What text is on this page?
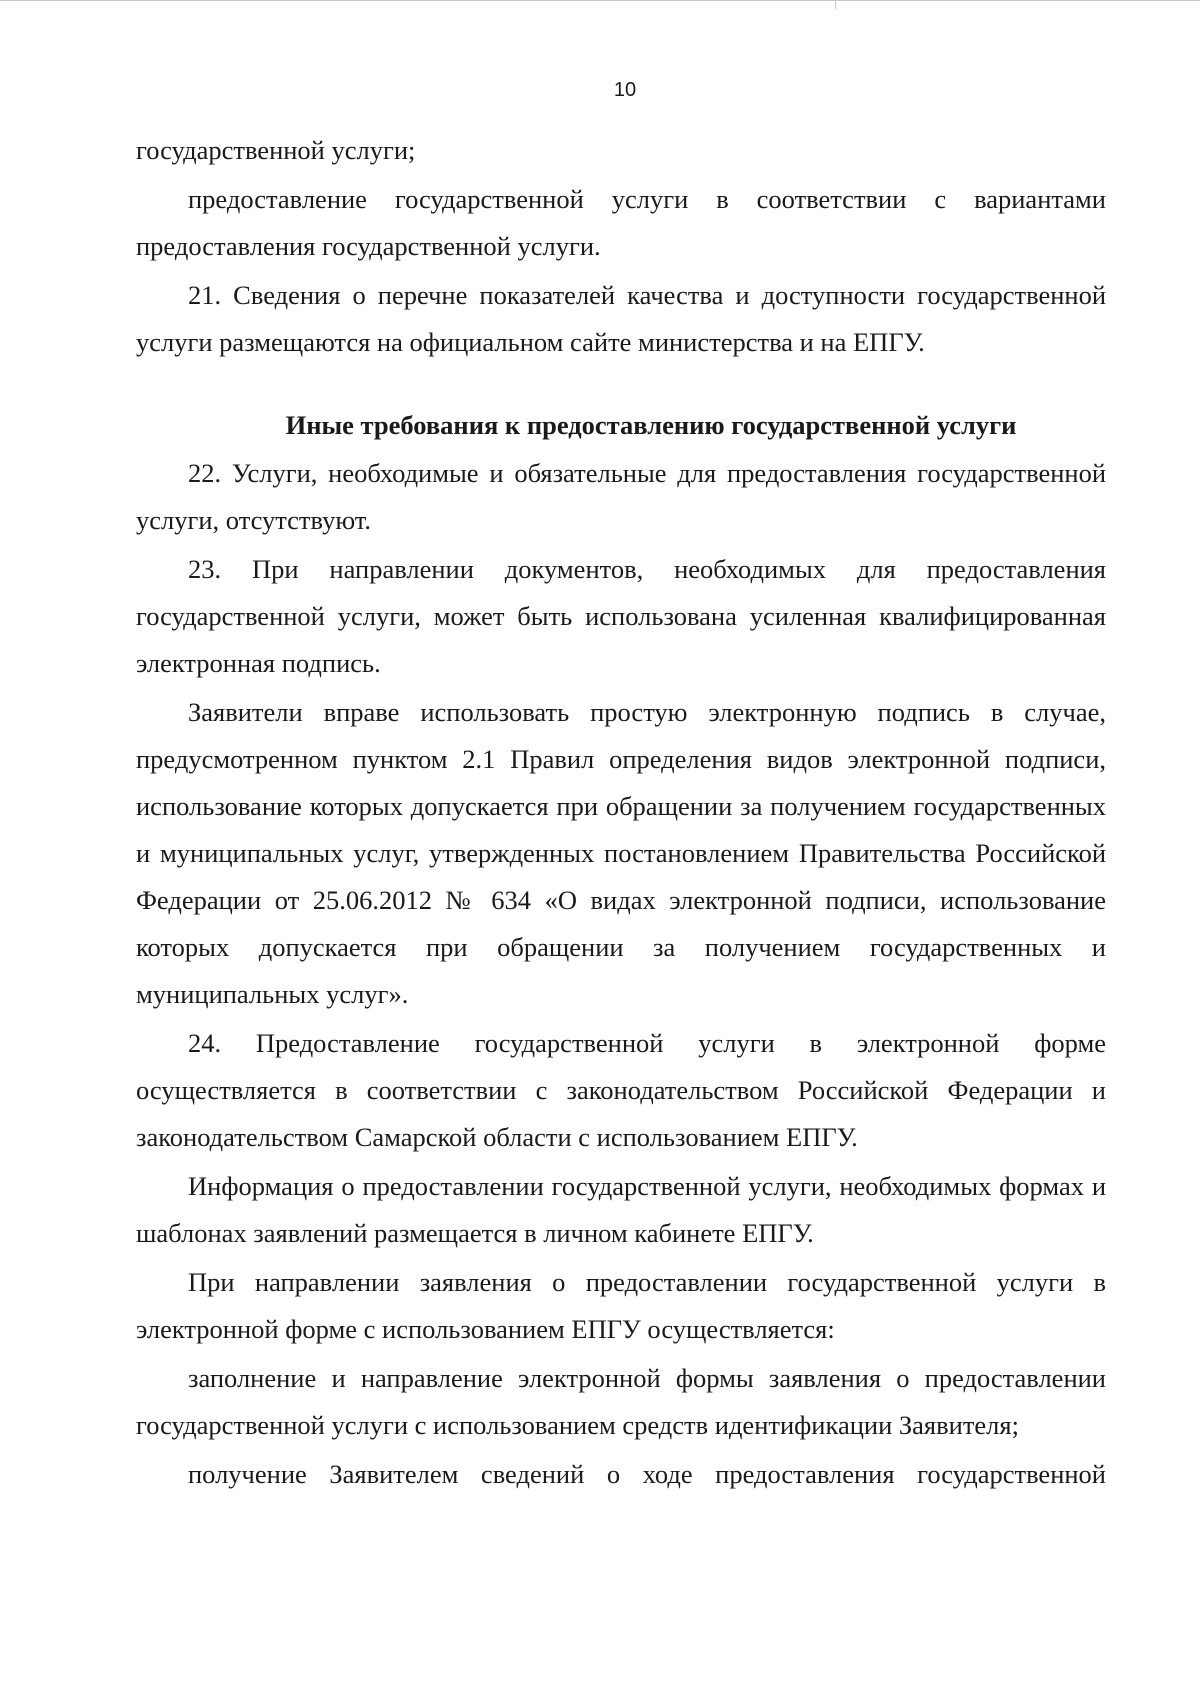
10

государственной услуги;

предоставление государственной услуги в соответствии с вариантами предоставления государственной услуги.

21. Сведения о перечне показателей качества и доступности государственной услуги размещаются на официальном сайте министерства и на ЕПГУ.

Иные требования к предоставлению государственной услуги

22. Услуги, необходимые и обязательные для предоставления государственной услуги, отсутствуют.

23. При направлении документов, необходимых для предоставления государственной услуги, может быть использована усиленная квалифицированная электронная подпись.

Заявители вправе использовать простую электронную подпись в случае, предусмотренном пунктом 2.1 Правил определения видов электронной подписи, использование которых допускается при обращении за получением государственных и муниципальных услуг, утвержденных постановлением Правительства Российской Федерации от 25.06.2012 № 634 «О видах электронной подписи, использование которых допускается при обращении за получением государственных и муниципальных услуг».

24. Предоставление государственной услуги в электронной форме осуществляется в соответствии с законодательством Российской Федерации и законодательством Самарской области с использованием ЕПГУ.

Информация о предоставлении государственной услуги, необходимых формах и шаблонах заявлений размещается в личном кабинете ЕПГУ.

При направлении заявления о предоставлении государственной услуги в электронной форме с использованием ЕПГУ осуществляется:

заполнение и направление электронной формы заявления о предоставлении государственной услуги с использованием средств идентификации Заявителя;

получение Заявителем сведений о ходе предоставления государственной
